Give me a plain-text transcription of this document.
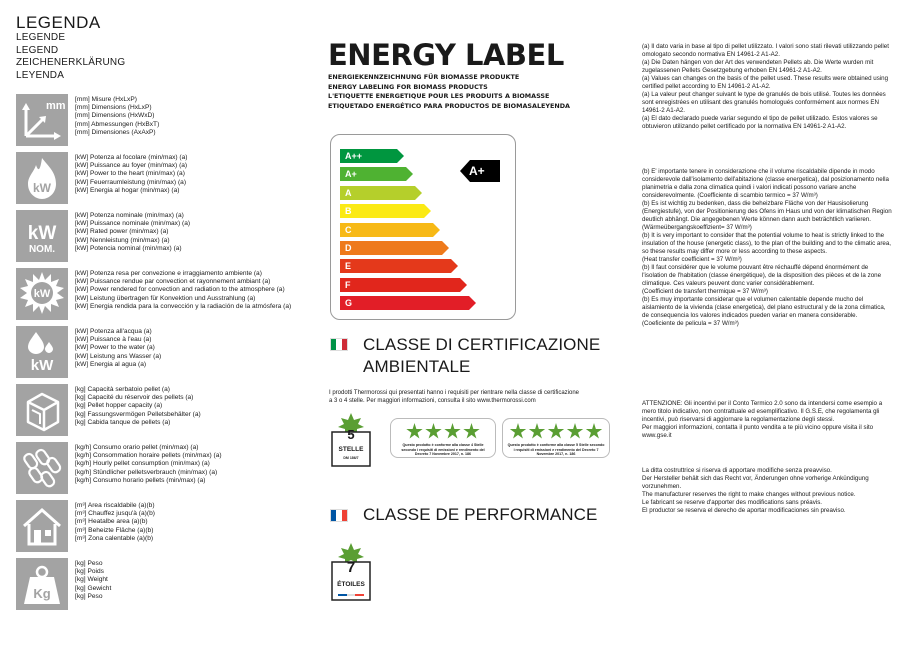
LEGENDA
LEGENDE
LEGEND
ZEICHENERKLÄRUNG
LEYENDA
mm
[mm] Misure (HxLxP)
[mm] Dimensions (HxLxP)
[mm] Dimensions (HxWxD)
[mm] Abmessungen (HxBxT)
[mm] Dimensiones (AxAxP)
kW
[kW] Potenza al focolare (min/max) (a)
[kW] Puissance au foyer (min/max) (a)
[kW] Power to the heart (min/max) (a)
[kW] Feuerraumleistung (min/max) (a)
[kW] Energia al hogar (min/max) (a)
kW
NOM.
[kW] Potenza nominale (min/max) (a)
[kW] Puissance nominale (min/max) (a)
[kW] Rated power (min/max) (a)
[kW] Nennleistung (min/max) (a)
[kW] Potencia nominal (min/max) (a)
kW
[kW] Potenza resa per convezione e irraggiamento ambiente (a)
[kW] Puissance rendue par convection et rayonnement ambiant (a)
[kW] Power rendered for convection and radiation to the atmosphere (a)
[kW] Leistung übertragen für Konvektion und Ausstrahlung (a)
[kW] Energia rendida para la convección y la radiación de la atmósfera (a)
kW
[kW] Potenza all'acqua (a)
[kW] Puissance à l'eau (a)
[kW] Power to the water (a)
[kW] Leistung ans Wasser (a)
[kW] Energia al agua (a)
[kg] Capacità serbatoio pellet (a)
[kg] Capacité du réservoir des pellets (a)
[kg] Pellet hopper capacity (a)
[kg] Fassungsvermögen Pelletsbehälter (a)
[kg] Cabida tanque de pellets (a)
[kg/h] Consumo orario pellet (min/max) (a)
[kg/h] Consommation horaire pellets (min/max) (a)
[kg/h] Hourly pellet consumption (min/max) (a)
[kg/h] Stündlicher pelletsverbrauch (min/max) (a)
[kg/h] Consumo horario pellets (min/max) (a)
[m³] Area riscaldabile (a)(b)
[m³] Chauffez jusqu'à (a)(b)
[m³] Heatalbe area (a)(b)
[m³] Beheizte Fläche (a)(b)
[m³] Zona calentable (a)(b)
Kg
[kg] Peso
[kg] Poids
[kg] Weight
[kg] Gewicht
[kg] Peso
ENERGY LABEL
ENERGIEKENNZEICHNUNG FÜR BIOMASSE PRODUKTE
ENERGY LABELING FOR BIOMASS PRODUCTS
L'ETIQUETTE ENERGETIQUE POUR LES PRODUITS A BIOMASSE
ETIQUETADO ENERGÉTICO PARA PRODUCTOS DE BIOMASALEYENDA
A++
A+
A
B
C
D
E
F
G
A+
CLASSE DI CERTIFICAZIONE
AMBIENTALE
I prodotti Thermorossi qui presentati hanno i requisiti per rientrare nella classe di certificazione
a 3 o 4 stelle. Per maggiori informazioni, consulta il sito www.thermorossi.com
5
STELLE
DM 186/7
Questo prodotto è conforme alla classe 4 Stelle secondo i requisiti di emissioni e rendimento del Decreto 7 Novembre 2017, n. 186
Questo prodotto è conforme alla classe 5 Stelle secondo i requisiti di emissioni e rendimento del Decreto 7 Novembre 2017, n. 186
CLASSE DE PERFORMANCE
7
ÉTOILES

(a) Il dato varia in base al tipo di pellet utilizzato. I valori sono stati rilevati utilizzando pellet omologato secondo normativa EN 14961-2 A1-A2.

(a) Die Daten hängen von der Art des verwendeten Pellets ab. Die Werte wurden mit zugelassenen Pellets Gesetzgebung erhoben EN 14961-2 A1-A2.

(a) Values can changes on the basis of the pellet used. These results were obtained using certified pellet according to EN 14961-2 A1-A2.

(a) La valeur peut changer suivant le type de granulés de bois utilisé. Toutes les données sont enregistrées en utilisant des granulés homologués conformément aux normes EN 14961-2 A1-A2.

(a) El dato declarado puede variar segundo el tipo de pellet utilizado. Estos valores se obtuvieron utilizando pellet certificado por la normativa EN 14961-2 A1-A2.

(b) E' importante tenere in considerazione che il volume riscaldabile dipende in modo considerevole dall'isolamento dell'abitazione (classe energetica), dal posizionamento nella planimetria e dalla zona climatica quindi i valori indicati possono variare anche considerevolmente. (Coefficiente di scambio termico = 37 W/m³)

(b) Es ist wichtig zu bedenken, dass die beheizbare Fläche von der Hausisolierung (Energiestufe), von der Positionierung des Ofens im Haus und von der klimatischen Region deutlich abhängt. Die angegebenen Werte können dann auch beträchtlich variieren. (Wärmeübergangskoeffizient= 37 W/m³)

(b) It is very important to consider that the potential volume to heat is strictly linked to the insulation of the house (energetic class), to the plan of the building and to the climatic area, so these results may differ more or less according to these aspects.

(Heat transfer coefficient = 37 W/m³)

(b) Il faut considérer que le volume pouvant être réchauffé dépend énormément de l'isolation de l'habitation (classe énergétique), de la disposition des pièces et de la zone climatique. Ces valeurs peuvent donc varier considérablement.

(Coefficient de transfert thermique = 37 W/m³)

(b) Es muy importante considerar que el volumen calentable depende mucho del aislamiento de la vivienda (clase energetica), del plano estructural y de la zona climatica, de consequencia los valores indicados pueden variar en manera considerable. (Coeficiente de pelicula = 37 W/m³)

ATTENZIONE: Gli incentivi per il Conto Termico 2.0 sono da intendersi come esempio a mero titolo indicativo, non contrattuale ed esemplificativo. Il G.S.E, che regolamenta gli incentivi, può riservarsi di aggiornare la regolamentazione degli stessi.

Per maggiori informazioni, contatta il punto vendita a te più vicino oppure visita il sito www.gse.it

La ditta costruttrice si riserva di apportare modifiche senza preavviso.

Der Hersteller behält sich das Recht vor, Änderungen ohne vorherige Ankündigung vorzunehmen.

The manufacturer reserves the right to make changes without previous notice.

Le fabricant se reserve d'apporter des modifications sans préavis.

El productor se reserva el derecho de aportar modificaciones sin preaviso.
